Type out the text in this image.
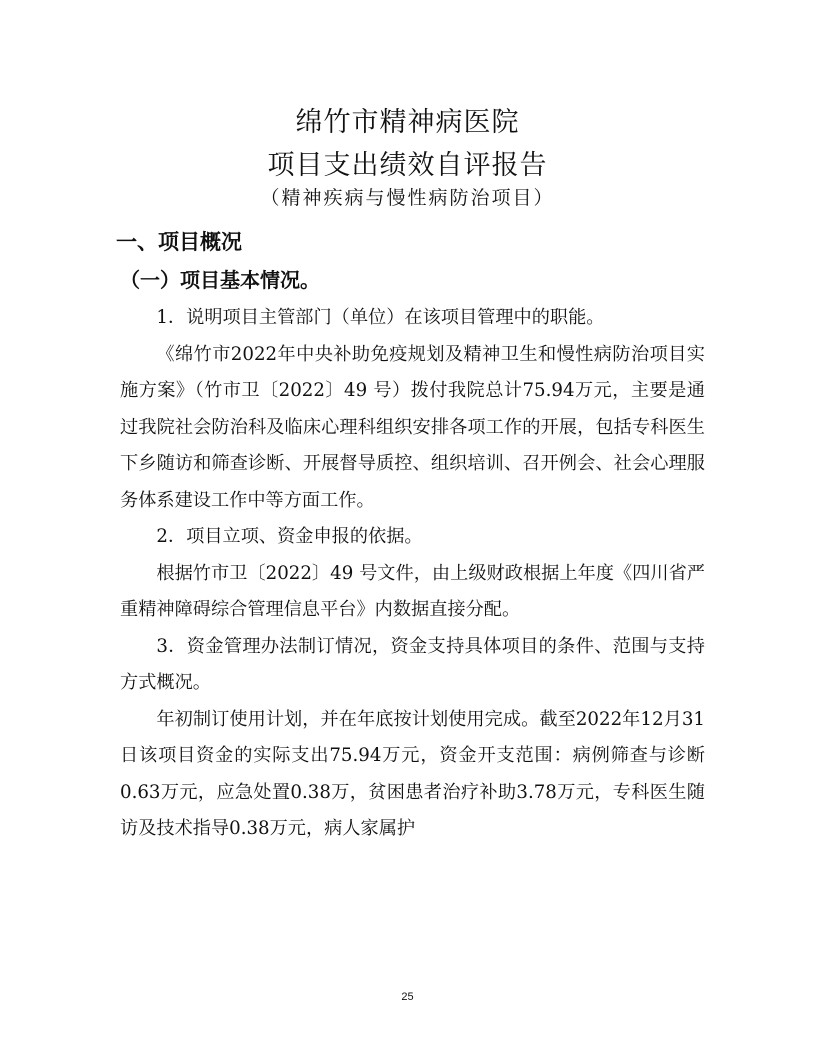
绵竹市精神病医院
项目支出绩效自评报告
（精神疾病与慢性病防治项目）
一、项目概况
（一）项目基本情况。

1．说明项目主管部门（单位）在该项目管理中的职能。

《绵竹市2022年中央补助免疫规划及精神卫生和慢性病防治项目实施方案》（竹市卫〔2022〕49 号）拨付我院总计75.94万元，主要是通过我院社会防治科及临床心理科组织安排各项工作的开展，包括专科医生下乡随访和筛查诊断、开展督导质控、组织培训、召开例会、社会心理服务体系建设工作中等方面工作。

2．项目立项、资金申报的依据。

根据竹市卫〔2022〕49 号文件，由上级财政根据上年度《四川省严重精神障碍综合管理信息平台》内数据直接分配。

3．资金管理办法制订情况，资金支持具体项目的条件、范围与支持方式概况。

年初制订使用计划，并在年底按计划使用完成。截至2022年12月31日该项目资金的实际支出75.94万元，资金开支范围：病例筛查与诊断0.63万元，应急处置0.38万，贫困患者治疗补助3.78万元，专科医生随访及技术指导0.38万元，病人家属护

25
